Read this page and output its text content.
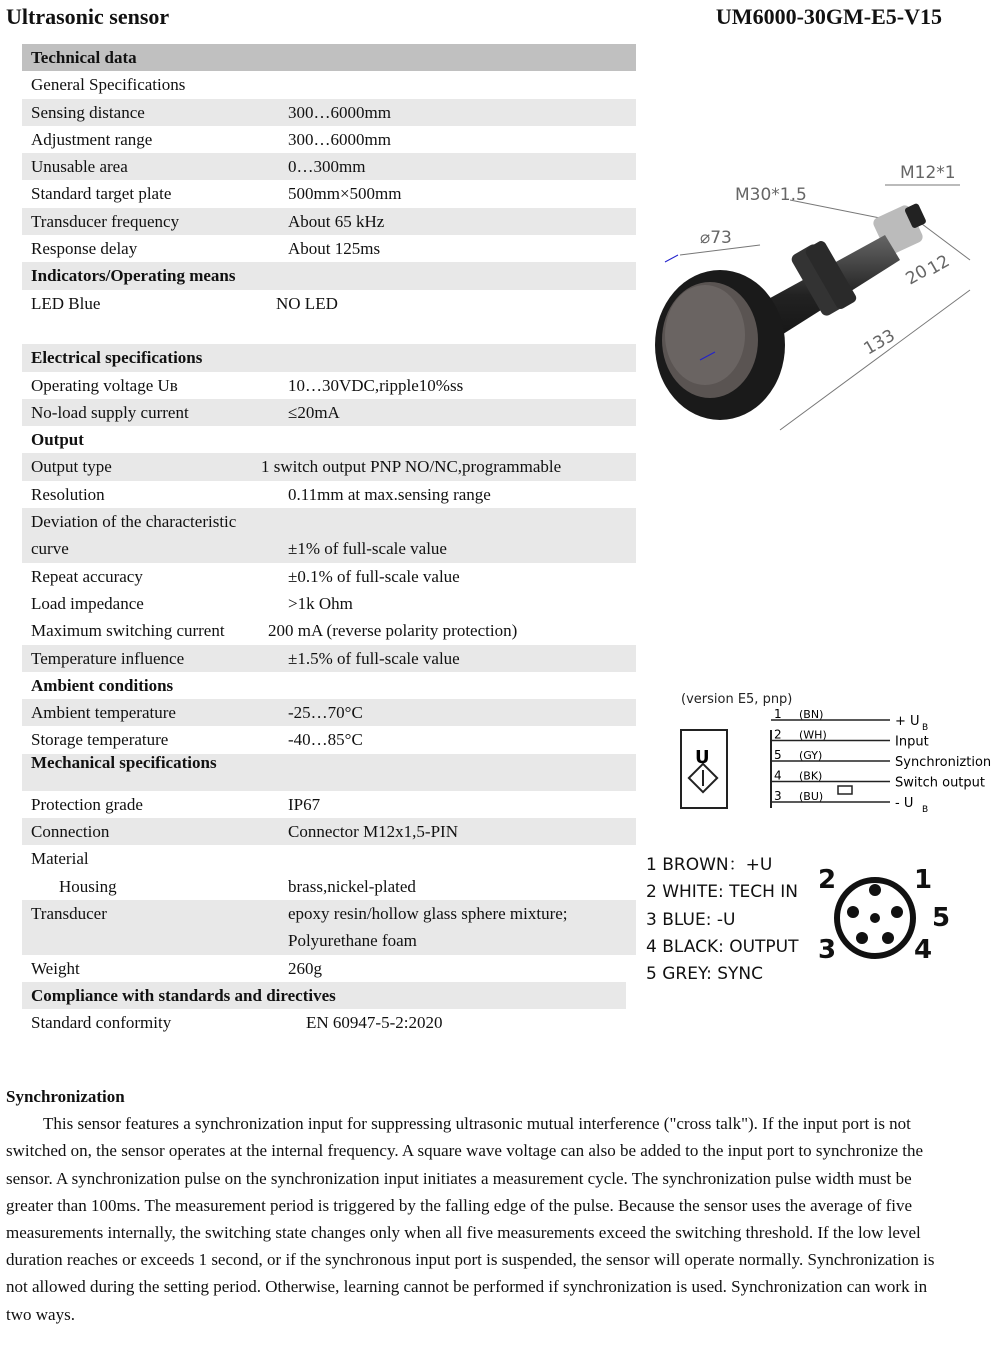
Ultrasonic sensor	UM6000-30GM-E5-V15
Technical data
General Specifications
Sensing distance	300…6000mm
Adjustment range	300…6000mm
Unusable area	0…300mm
Standard target plate	500mm×500mm
Transducer frequency	About 65 kHz
Response delay	About 125ms
Indicators/Operating means
LED Blue	NO LED
Electrical specifications
Operating voltage Uʙ	10…30VDC,ripple10%ss
No-load supply current	≤20mA
Output
Output type	1 switch output PNP NO/NC,programmable
Resolution	0.11mm at max.sensing range
Deviation of the characteristic
curve	±1% of full-scale value
Repeat accuracy	±0.1% of full-scale value
Load impedance	>1k Ohm
Maximum switching current	200 mA (reverse polarity protection)
Temperature influence	±1.5% of full-scale value
Ambient conditions
Ambient temperature	-25…70°C
Storage temperature	-40…85°C
Mechanical specifications
Protection grade	IP67
Connection	Connector M12x1,5-PIN
Material
Housing	brass,nickel-plated
Transducer	epoxy resin/hollow glass sphere mixture;
Polyurethane foam
Weight	260g
Compliance with standards and directives
Standard conformity	EN 60947-5-2:2020
M12*1
M30*1.5
⌀73
20
12
133
(version E5, pnp)
U
1 (BN)	+ U B
2 (WH)	Input
5 (GY)	Synchroniztion
4 (BK)	Switch output
3 (BU)	- U B
1 BROWN：+U
2 WHITE: TECH IN
3 BLUE: -U
4 BLACK: OUTPUT
5 GREY: SYNC
1
2
3	4
5
Synchronization

This sensor features a synchronization input for suppressing ultrasonic mutual interference ("cross talk"). If the input port is not switched on, the sensor operates at the internal frequency. A square wave voltage can also be added to the input port to synchronize the sensor. A synchronization pulse on the synchronization input initiates a measurement cycle. The synchronization pulse width must be greater than 100ms. The measurement period is triggered by the falling edge of the pulse. Because the sensor uses the average of five measurements internally, the switching state changes only when all five measurements exceed the switching threshold. If the low level duration reaches or exceeds 1 second, or if the synchronous input port is suspended, the sensor will operate normally. Synchronization is not allowed during the setting period. Otherwise, learning cannot be performed if synchronization is used. Synchronization can work in two ways.
